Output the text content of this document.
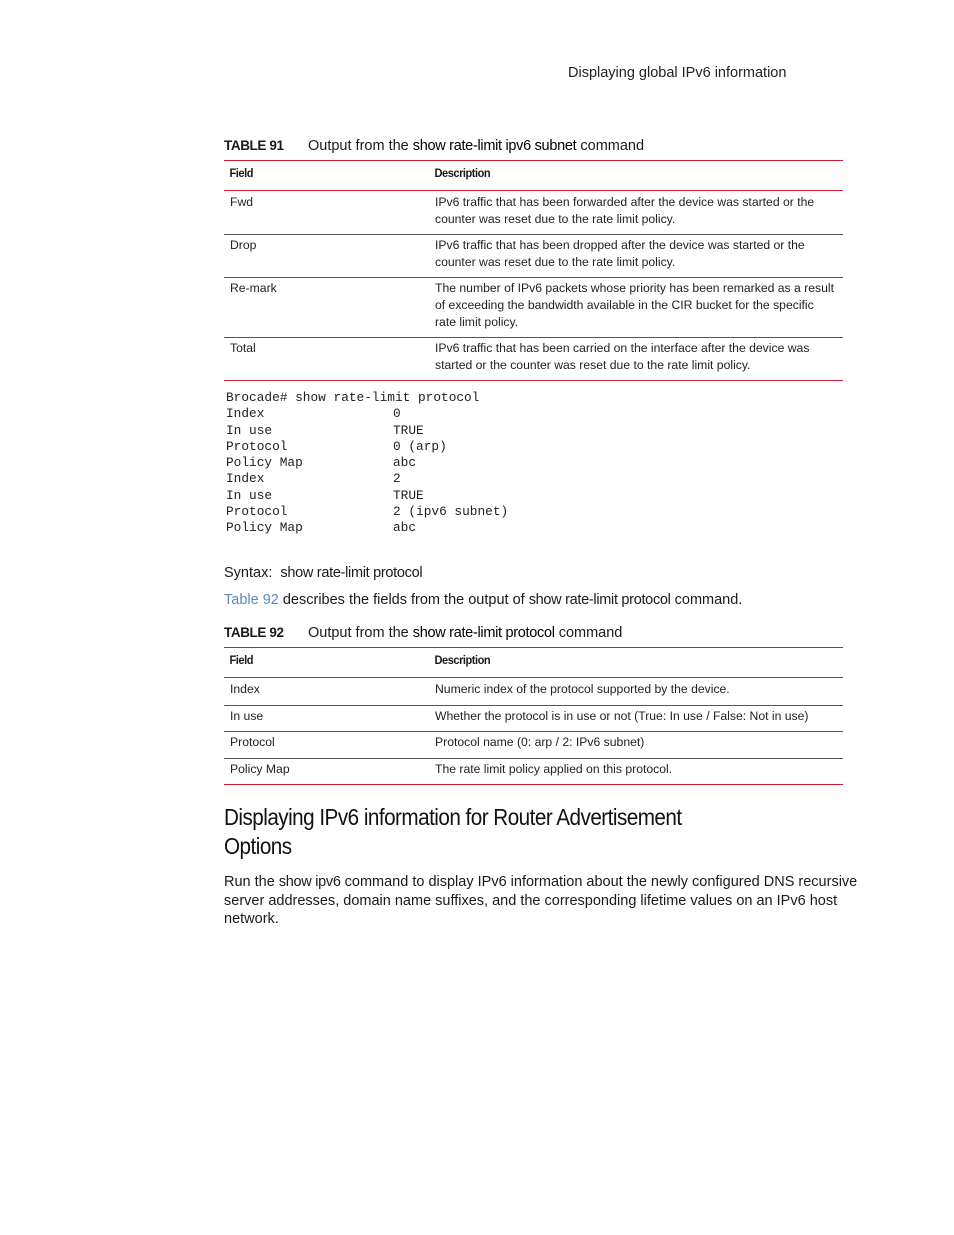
Displaying global IPv6 information
TABLE 91 Output from the show rate-limit ipv6 subnet command
Field	Description
Fwd	IPv6 traffic that has been forwarded after the device was started or the counter was reset due to the rate limit policy.
Drop	IPv6 traffic that has been dropped after the device was started or the counter was reset due to the rate limit policy.
Re-mark	The number of IPv6 packets whose priority has been remarked as a result of exceeding the bandwidth available in the CIR bucket for the specific rate limit policy.
Total	IPv6 traffic that has been carried on the interface after the device was started or the counter was reset due to the rate limit policy.
Brocade# show rate-limit protocol
Index	0
In use	TRUE
Protocol	0 (arp)
Policy Map	abc
Index	2
In use	TRUE
Protocol	2 (ipv6 subnet)
Policy Map	abc
Syntax: show rate-limit protocol
Table 92 describes the fields from the output of show rate-limit protocol command.
TABLE 92 Output from the show rate-limit protocol command
Field	Description
Index	Numeric index of the protocol supported by the device.
In use	Whether the protocol is in use or not (True: In use / False: Not in use)
Protocol	Protocol name (0: arp / 2: IPv6 subnet)
Policy Map	The rate limit policy applied on this protocol.
Displaying IPv6 information for Router Advertisement Options
Run the show ipv6 command to display IPv6 information about the newly configured DNS recursive server addresses, domain name suffixes, and the corresponding lifetime values on an IPv6 host network.
